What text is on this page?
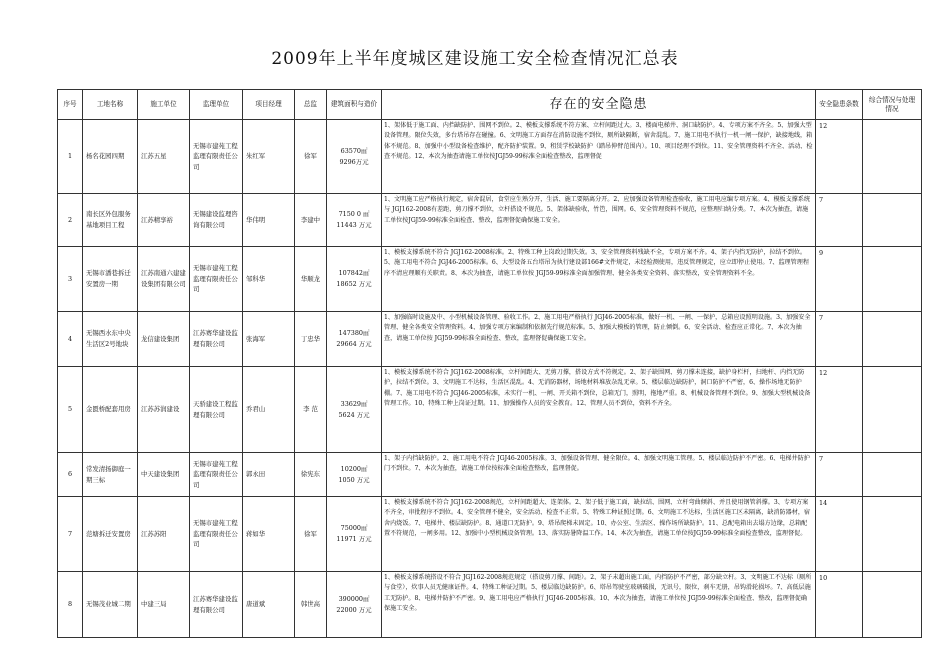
2009年上半年度城区建设施工安全检查情况汇总表
序号	工地名称	施工单位	监理单位	项目经理	总监	建筑面积与造价	存在的安全隐患	安全隐患条数	综合情况与处理情况
1	杨名花园四期	江苏五星	无锡市建苑工程监理有限责任公司	朱红军	徐军	63570㎡
9296万元	1、架体低于施工面、内挡缺防护、围网不到位。2、模板支撑系统不符方案、立杆间距过大。3、楼面电梯井、洞口缺防护。4、专项方案不齐全。5、加强大型设备管理。限位失效，多台塔吊存在碰撞。6、文明施工方面存在消防设施不到位，厕所缺隔断，宿舍混乱。7、施工用电不执行一机一闸一保护，缺接地线，箱体不规范。8、加强中小型设备检查维护，配齐防护装置。9、租赁学校缺防护（踏吊伸臂范围内）。10、项目经理不到位。11、安全管理资料不齐全、活动、检查不规范。12、本次为抽查请施工单位按JGJ59-99标准全面检查整改，监理督促	12	
2	南长区外包服务基地项目工程	江苏精享裕	无锡建设监理咨询有限公司	华伟明	李建中	7150 0 ㎡
11443 万元	1、文明施工应严格执行规定，宿舍混居，食堂应生熟分开，生活、施工要隔离分开。2、应加强设备管理检查验收，施工用电应编专项方案。4、模板支撑系统与 JGJ162-2008有差距，剪刀撑不到位，立杆搭设不规范。5、架体缺验收，竹笆，围网。6、安全管理资料不规范，应整理归纳分类。7、本次为抽查，请施工单位按JGJ59-99标准全面检查、整改，监理督促确保施工安全。	7	
3	无锡市潘巷拆迁安置房一期	江苏南通六建建设集团有限公司	无锡市建苑工程监理有限责任公司	邹科华	华顺龙	107842㎡
18652 万元	1、模板支撑系统不符合 JGJ162-2008标准。2、特殊工种上岗政过期失效。3、安全管理资料残缺不全，专项方案不齐。4、架子内挡无防护，拉结不到位。5、施工用电不符合 JGJ46-2005标准。6、大型设备五台塔吊为执行建设部166#文件规定，未经检测使用，违反管理规定，应立即停止使用。7、监理管理程序不清应理顺有关职责。8、本次为抽查，请施工单位按 JGJ59-99标准全面加强管理、健全各类安全资料、落实整改，安全管理资料不全。	9	
4	无锡西水东中央生活区2号地块	龙信建设集团	江苏赛华建设监理有限公司	张海军	丁忠华	147380㎡
29664 万元	1、加强临时设施及中、小型机械设备管理、验收工作。2、施工用电严格执行 JGJ46-2005标准，做好一机、一闸、一保护，总箱应设照明设施。3、加强安全管理、健全各类安全管理资料。4、加强专项方案编制和依据先行规范标准。5、加强大模板的管理，防止倾倒。6、安全活动、检查应正常化。7、本次为抽查，请施工单位按 JGJ59-99标准全面检查、整改，监理督促确保施工安全。	7	
5	金匮桥配套用房	江苏苏润建设	天骄建设工程监理有限公司	乔君山	李 范	33629㎡
5624 万元	1、模板支撑系统不符合 JGJ162-2008标准，立杆间距大、无剪刀撑，搭设方式不符规定。2、架子缺围网、剪刀撑未连接，缺护身栏杆，扫地杆、内挡无防护，拉结不到位。3、文明施工不达标，生活区混乱。4、无消防器材，场地材料堆放杂乱无章。5、楼层临边缺防护，洞口防护不严密，6、操作场地无防护棚。7、施工用电不符合 JGJ46-2005标准，未实行一机、一闸、开关箱不到位，总箱无门，照明，拖地严重。8、机械设备管理不到位。9、加强大型机械设备管理工作。10、特殊工种上岗证过期。11、加强操作人员的安全教育。12、管理人员不到位，资料不齐全。	12	
6	常发清扬御庭一期三标	中天建设集团	无锡市建苑工程监理有限责任公司	郭永田	徐宪东	10200㎡
1050 万元	1、架子内挡缺防护。2、施工用电不符合 JGJ46-2005标准。3、加强设备管理、健全限位。4、加强文明施工管理。5、楼层临边防护不严密。6、电梯井防护门不到位。7、本次为抽查，请施工单位按标准全面检查整改，监理督促。	7	
7	范塘拆迁安置房	江苏苏阳	无锡市建苑工程监理有限责任公司	蒋如华	徐军	75000㎡
11971 万元	1、模板支撑系统不符合 JGJ162-2008规范，立杆间距超大、连架体。2、架子低于施工面，缺拉结、围网、立杆弯曲倾斜、并且使用钢管斜撑。3、专项方案不齐全，审批程序不到位。4、安全管理不健全，安全活动、检查不正常。5、特殊工种证照过期。6、文明施工不达标，生活区施工区未隔离，缺消防器材，宿舍内烧饭。7、电梯井、楼层缺防护。8、通道口无防护。9、塔吊爬梯未固定。10、办公室、生活区、操作场所缺防护。11、总配电箱出去塌方边缘，总箱配置不符规范，一闸多用。12、加强中小型机械设备管理。13、落实防暑降温工作。14、本次为抽查，请施工单位按JGJ59-99标准全面检查整改，监理督促。	14	
8	无锡茂业城二期	中建三局	江苏赛华建设监理有限公司	唐道斌	韩世高	390000㎡
22000 万元	1、模板支撑系统搭设不符合 JGJ162-2008规范规定（搭设剪刀撑、间距）。2、架子未超出施工面，内挡防护不严密，部分缺立杆。3、文明施工不达标（厕所与食堂），炊事人员无健康证件。4、特殊工种证过期。5、楼层临边缺防护。6、塔吊驾驶室玻璃破损，无讯号，限位，刹车无册，吊钩滑轮损坏。7、高低层施工无防护。8、电梯井防护不严密。9、施工用电应严格执行 JGJ46-2005标准。10、本次为抽查，请施工单位按 JGJ59-99标准全面检查、整改，监理督促确保施工安全。	10	
